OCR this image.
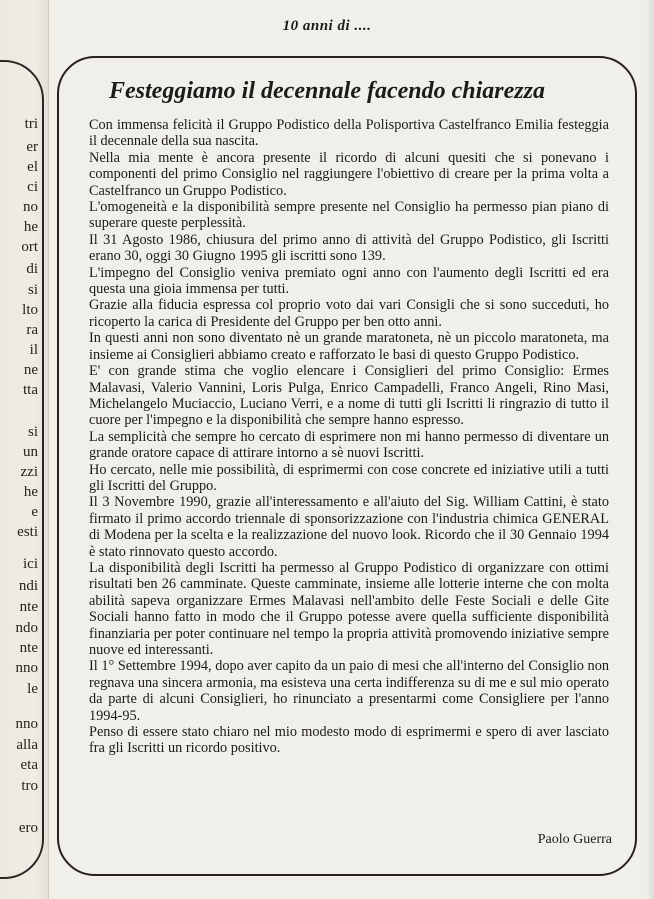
tri
er
el
ci
no
he
ort
di
si
lto
ra
il
ne
tta
si
un
zzi
he
e
esti
ici
ndi
nte
ndo
nte
nno
le
nno
alla
eta
tro
ero
10 anni di ....
Festeggiamo il decennale facendo chiarezza

Con immensa felicità il Gruppo Podistico della Polisportiva Castelfranco Emilia festeggia il decennale della sua nascita.

Nella mia mente è ancora presente il ricordo di alcuni quesiti che si ponevano i componenti del primo Consiglio nel raggiungere l'obiettivo di creare per la prima volta a Castelfranco un Gruppo Podistico.

L'omogeneità e la disponibilità sempre presente nel Consiglio ha permesso pian piano di superare queste perplessità.

Il 31 Agosto 1986, chiusura del primo anno di attività del Gruppo Podistico, gli Iscritti erano 30, oggi 30 Giugno 1995 gli iscritti sono 139.

L'impegno del Consiglio veniva premiato ogni anno con l'aumento degli Iscritti ed era questa una gioia immensa per tutti.

Grazie alla fiducia espressa col proprio voto dai vari Consigli che si sono succeduti, ho ricoperto la carica di Presidente del Gruppo per ben otto anni.

In questi anni non sono diventato nè un grande maratoneta, nè un piccolo maratoneta, ma insieme ai Consiglieri abbiamo creato e rafforzato le basi di questo Gruppo Podistico.

E' con grande stima che voglio elencare i Consiglieri del primo Consiglio: Ermes Malavasi, Valerio Vannini, Loris Pulga, Enrico Campadelli, Franco Angeli, Rino Masi, Michelangelo Muciaccio, Luciano Verri, e a nome di tutti gli Iscritti li ringrazio di tutto il cuore per l'impegno e la disponibilità che sempre hanno espresso.

La semplicità che sempre ho cercato di esprimere non mi hanno permesso di diventare un grande oratore capace di attirare intorno a sè nuovi Iscritti.

Ho cercato, nelle mie possibilità, di esprimermi con cose concrete ed iniziative utili a tutti gli Iscritti del Gruppo.

Il 3 Novembre 1990, grazie all'interessamento e all'aiuto del Sig. William Cattini, è stato firmato il primo accordo triennale di sponsorizzazione con l'industria chimica GENERAL di Modena per la scelta e la realizzazione del nuovo look. Ricordo che il 30 Gennaio 1994 è stato rinnovato questo accordo.

La disponibilità degli Iscritti ha permesso al Gruppo Podistico di organizzare con ottimi risultati ben 26 camminate. Queste camminate, insieme alle lotterie interne che con molta abilità sapeva organizzare Ermes Malavasi nell'ambito delle Feste Sociali e delle Gite Sociali hanno fatto in modo che il Gruppo potesse avere quella sufficiente disponibilità finanziaria per poter continuare nel tempo la propria attività promovendo iniziative sempre nuove ed interessanti.

Il 1° Settembre 1994, dopo aver capito da un paio di mesi che all'interno del Consiglio non regnava una sincera armonia, ma esisteva una certa indifferenza su di me e sul mio operato da parte di alcuni Consiglieri, ho rinunciato a presentarmi come Consigliere per l'anno 1994-95.

Penso di essere stato chiaro nel mio modesto modo di esprimermi e spero di aver lasciato fra gli Iscritti un ricordo positivo.

Paolo Guerra
